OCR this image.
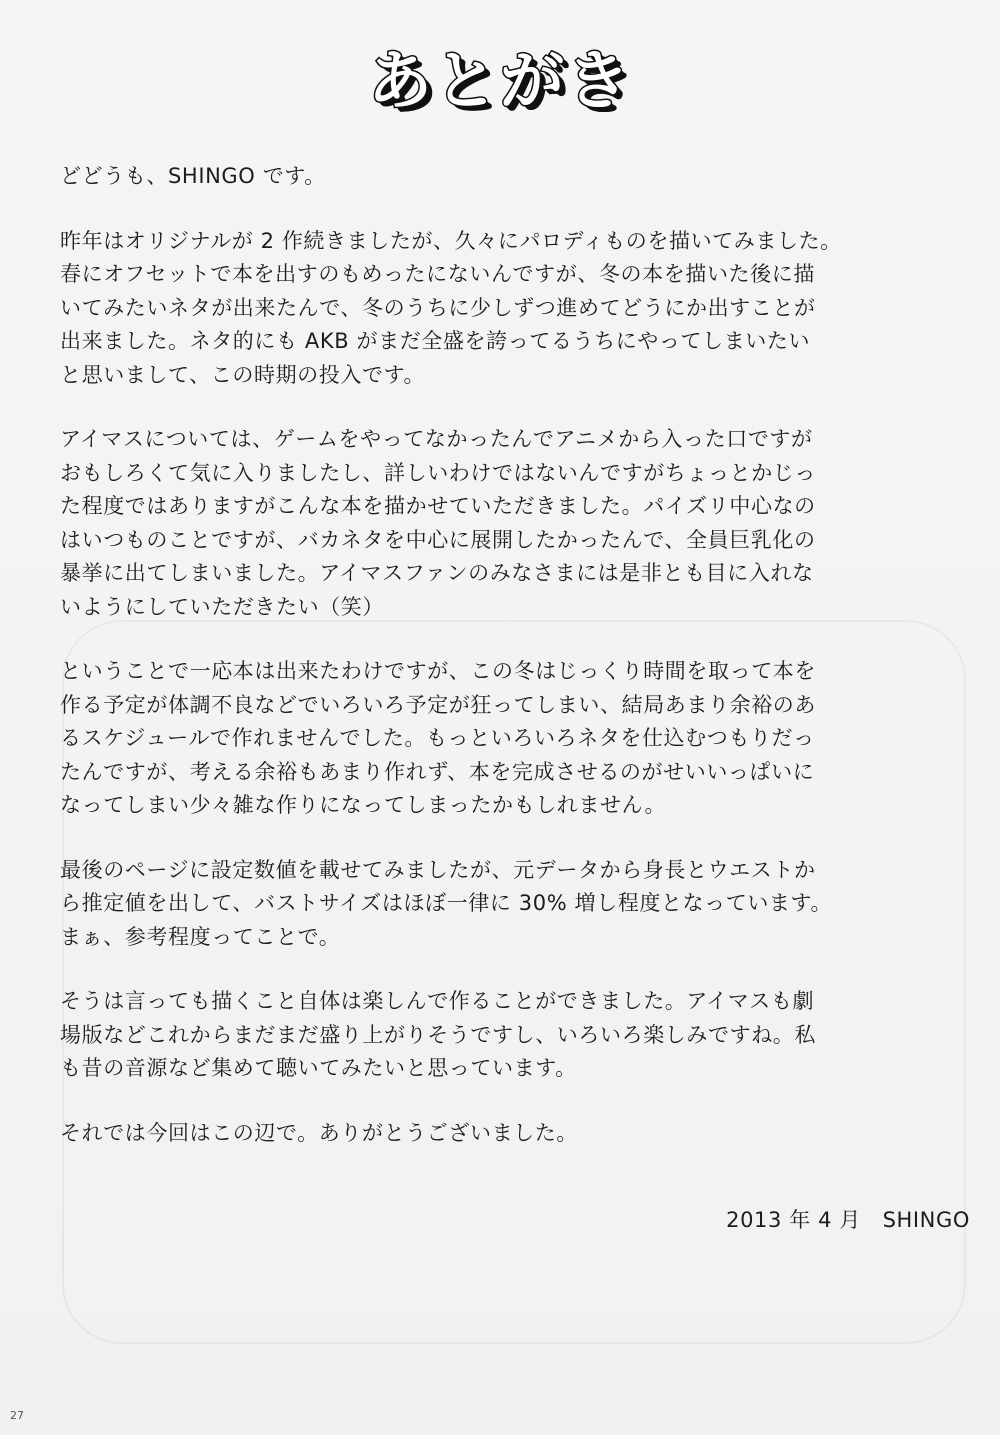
あとがき

どどうも、SHINGO です。

昨年はオリジナルが 2 作続きましたが、久々にパロディものを描いてみました。
春にオフセットで本を出すのもめったにないんですが、冬の本を描いた後に描
いてみたいネタが出来たんで、冬のうちに少しずつ進めてどうにか出すことが
出来ました。ネタ的にも AKB がまだ全盛を誇ってるうちにやってしまいたい
と思いまして、この時期の投入です。

アイマスについては、ゲームをやってなかったんでアニメから入った口ですが
おもしろくて気に入りましたし、詳しいわけではないんですがちょっとかじっ
た程度ではありますがこんな本を描かせていただきました。パイズリ中心なの
はいつものことですが、バカネタを中心に展開したかったんで、全員巨乳化の
暴挙に出てしまいました。アイマスファンのみなさまには是非とも目に入れな
いようにしていただきたい（笑）

ということで一応本は出来たわけですが、この冬はじっくり時間を取って本を
作る予定が体調不良などでいろいろ予定が狂ってしまい、結局あまり余裕のあ
るスケジュールで作れませんでした。もっといろいろネタを仕込むつもりだっ
たんですが、考える余裕もあまり作れず、本を完成させるのがせいいっぱいに
なってしまい少々雑な作りになってしまったかもしれません。

最後のページに設定数値を載せてみましたが、元データから身長とウエストか
ら推定値を出して、バストサイズはほぼ一律に 30% 増し程度となっています。
まぁ、参考程度ってことで。

そうは言っても描くこと自体は楽しんで作ることができました。アイマスも劇
場版などこれからまだまだ盛り上がりそうですし、いろいろ楽しみですね。私
も昔の音源など集めて聴いてみたいと思っています。

それでは今回はこの辺で。ありがとうございました。

2013 年 4 月　SHINGO
27
